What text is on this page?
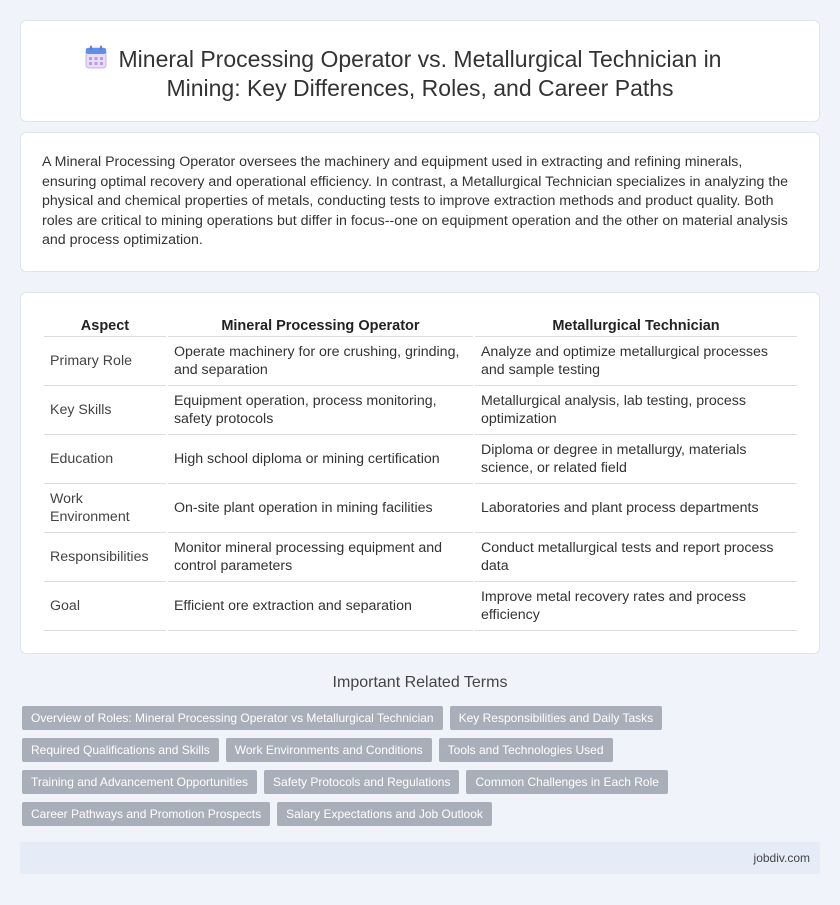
Mineral Processing Operator vs. Metallurgical Technician in Mining: Key Differences, Roles, and Career Paths

A Mineral Processing Operator oversees the machinery and equipment used in extracting and refining minerals, ensuring optimal recovery and operational efficiency. In contrast, a Metallurgical Technician specializes in analyzing the physical and chemical properties of metals, conducting tests to improve extraction methods and product quality. Both roles are critical to mining operations but differ in focus--one on equipment operation and the other on material analysis and process optimization.

Aspect	Mineral Processing Operator	Metallurgical Technician
Primary Role	Operate machinery for ore crushing, grinding, and separation	Analyze and optimize metallurgical processes and sample testing
Key Skills	Equipment operation, process monitoring, safety protocols	Metallurgical analysis, lab testing, process optimization
Education	High school diploma or mining certification	Diploma or degree in metallurgy, materials science, or related field
Work Environment	On-site plant operation in mining facilities	Laboratories and plant process departments
Responsibilities	Monitor mineral processing equipment and control parameters	Conduct metallurgical tests and report process data
Goal	Efficient ore extraction and separation	Improve metal recovery rates and process efficiency
Important Related Terms
Overview of Roles: Mineral Processing Operator vs Metallurgical Technician	Key Responsibilities and Daily Tasks
Required Qualifications and Skills	Work Environments and Conditions	Tools and Technologies Used
Training and Advancement Opportunities	Safety Protocols and Regulations	Common Challenges in Each Role
Career Pathways and Promotion Prospects	Salary Expectations and Job Outlook
jobdiv.com
